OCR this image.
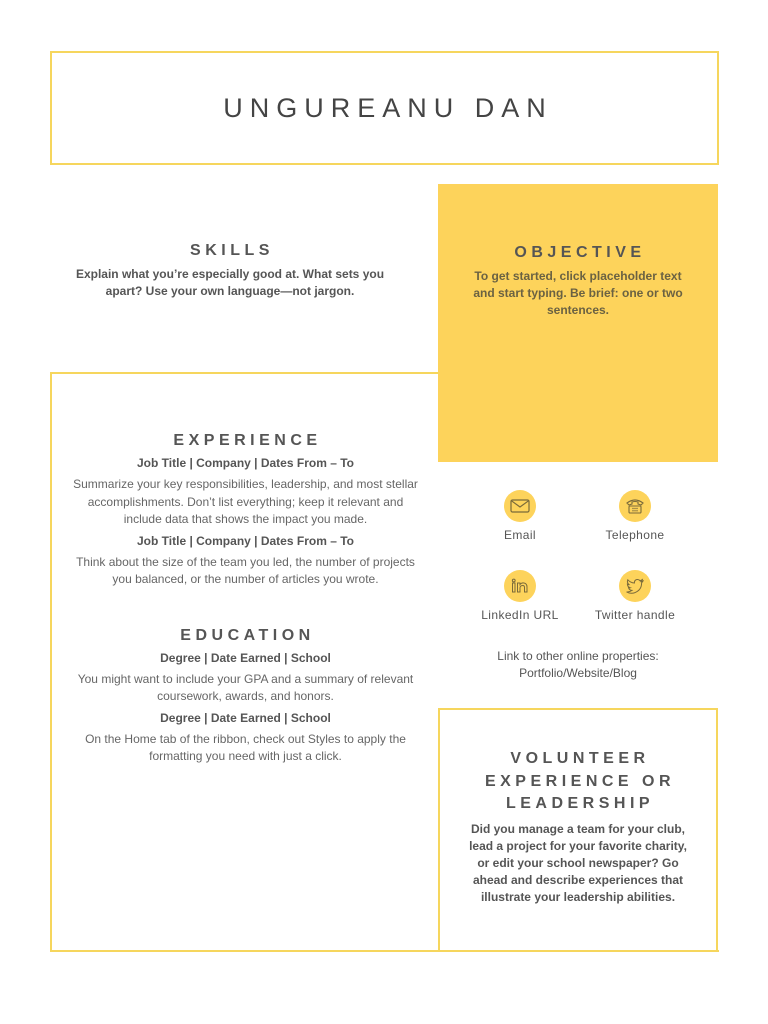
UNGUREANU DAN
SKILLS

Explain what you’re especially good at. What sets you apart? Use your own language—not jargon.

OBJECTIVE

To get started, click placeholder text and start typing. Be brief: one or two sentences.

EXPERIENCE

Job Title | Company | Dates From – To

Summarize your key responsibilities, leadership, and most stellar accomplishments. Don’t list everything; keep it relevant and include data that shows the impact you made.

Job Title | Company | Dates From – To

Think about the size of the team you led, the number of projects you balanced, or the number of articles you wrote.

EDUCATION

Degree | Date Earned | School

You might want to include your GPA and a summary of relevant coursework, awards, and honors.

Degree | Date Earned | School

On the Home tab of the ribbon, check out Styles to apply the formatting you need with just a click.

Email	Telephone
LinkedIn URL	Twitter handle
Link to other online properties:
Portfolio/Website/Blog
VOLUNTEER EXPERIENCE OR LEADERSHIP

Did you manage a team for your club, lead a project for your favorite charity, or edit your school newspaper? Go ahead and describe experiences that illustrate your leadership abilities.
